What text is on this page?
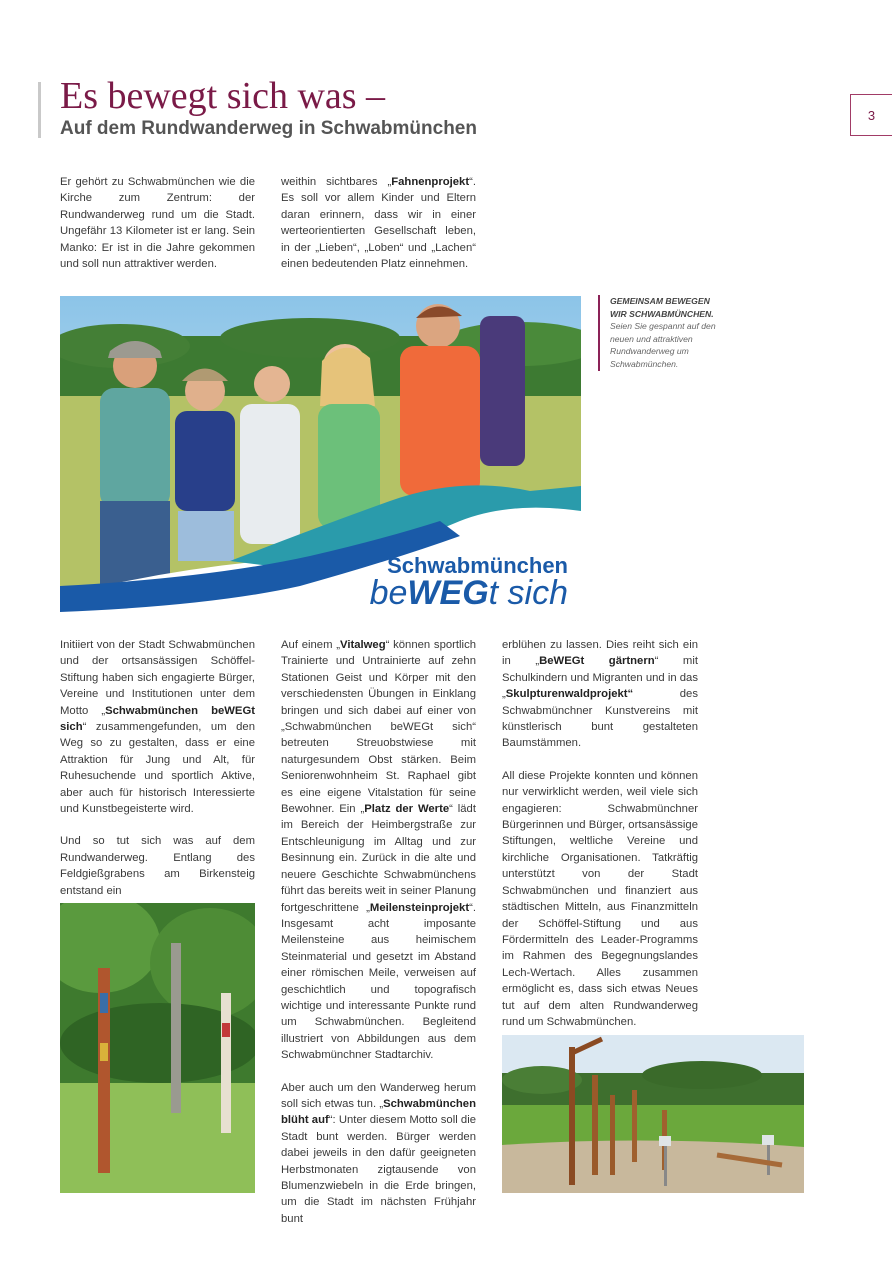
Es bewegt sich was –
Auf dem Rundwanderweg in Schwabmünchen
3

Er gehört zu Schwabmünchen wie die Kirche zum Zentrum: der Rundwanderweg rund um die Stadt. Ungefähr 13 Kilometer ist er lang. Sein Manko: Er ist in die Jahre gekommen und soll nun attraktiver werden.

weithin sichtbares „Fahnenprojekt“. Es soll vor allem Kinder und Eltern daran erinnern, dass wir in einer werteorientierten Gesellschaft leben, in der „Lieben“, „Loben“ und „Lachen“ einen bedeutenden Platz einnehmen.

Schwabmünchen
beWEGt sich
GEMEINSAM BEWEGEN WIR SCHWABMÜNCHEN.
Seien Sie gespannt auf den neuen und attraktiven Rundwanderweg um Schwabmünchen.

Initiiert von der Stadt Schwabmünchen und der ortsansässigen Schöffel-Stiftung haben sich engagierte Bürger, Vereine und Institutionen unter dem Motto „Schwabmünchen beWEGt sich“ zusammengefunden, um den Weg so zu gestalten, dass er eine Attraktion für Jung und Alt, für Ruhesuchende und sportlich Aktive, aber auch für historisch Interessierte und Kunstbegeisterte wird.

Und so tut sich was auf dem Rundwanderweg. Entlang des Feldgießgrabens am Birkensteig entstand ein

Auf einem „Vitalweg“ können sportlich Trainierte und Untrainierte auf zehn Stationen Geist und Körper mit den verschiedensten Übungen in Einklang bringen und sich dabei auf einer von „Schwabmünchen beWEGt sich“ betreuten Streuobstwiese mit naturgesundem Obst stärken. Beim Seniorenwohnheim St. Raphael gibt es eine eigene Vitalstation für seine Bewohner. Ein „Platz der Werte“ lädt im Bereich der Heimbergstraße zur Entschleunigung im Alltag und zur Besinnung ein. Zurück in die alte und neuere Geschichte Schwabmünchens führt das bereits weit in seiner Planung fortgeschrittene „Meilensteinprojekt“. Insgesamt acht imposante Meilensteine aus heimischem Steinmaterial und gesetzt im Abstand einer römischen Meile, verweisen auf geschichtlich und topografisch wichtige und interessante Punkte rund um Schwabmünchen. Begleitend illustriert von Abbildungen aus dem Schwabmünchner Stadtarchiv.

Aber auch um den Wanderweg herum soll sich etwas tun. „Schwabmünchen blüht auf“: Unter diesem Motto soll die Stadt bunt werden. Bürger werden dabei jeweils in den dafür geeigneten Herbstmonaten zigtausende von Blumenzwiebeln in die Erde bringen, um die Stadt im nächsten Frühjahr bunt

erblühen zu lassen. Dies reiht sich ein in „BeWEGt gärtnern“ mit Schulkindern und Migranten und in das „Skulpturenwaldprojekt“ des Schwabmünchner Kunstvereins mit künstlerisch bunt gestalteten Baumstämmen.

All diese Projekte konnten und können nur verwirklicht werden, weil viele sich engagieren: Schwabmünchner Bürgerinnen und Bürger, ortsansässige Stiftungen, weltliche Vereine und kirchliche Organisationen. Tatkräftig unterstützt von der Stadt Schwabmünchen und finanziert aus städtischen Mitteln, aus Finanzmitteln der Schöffel-Stiftung und aus Fördermitteln des Leader-Programms im Rahmen des Begegnungslandes Lech-Wertach. Alles zusammen ermöglicht es, dass sich etwas Neues tut auf dem alten Rundwanderweg rund um Schwabmünchen.
